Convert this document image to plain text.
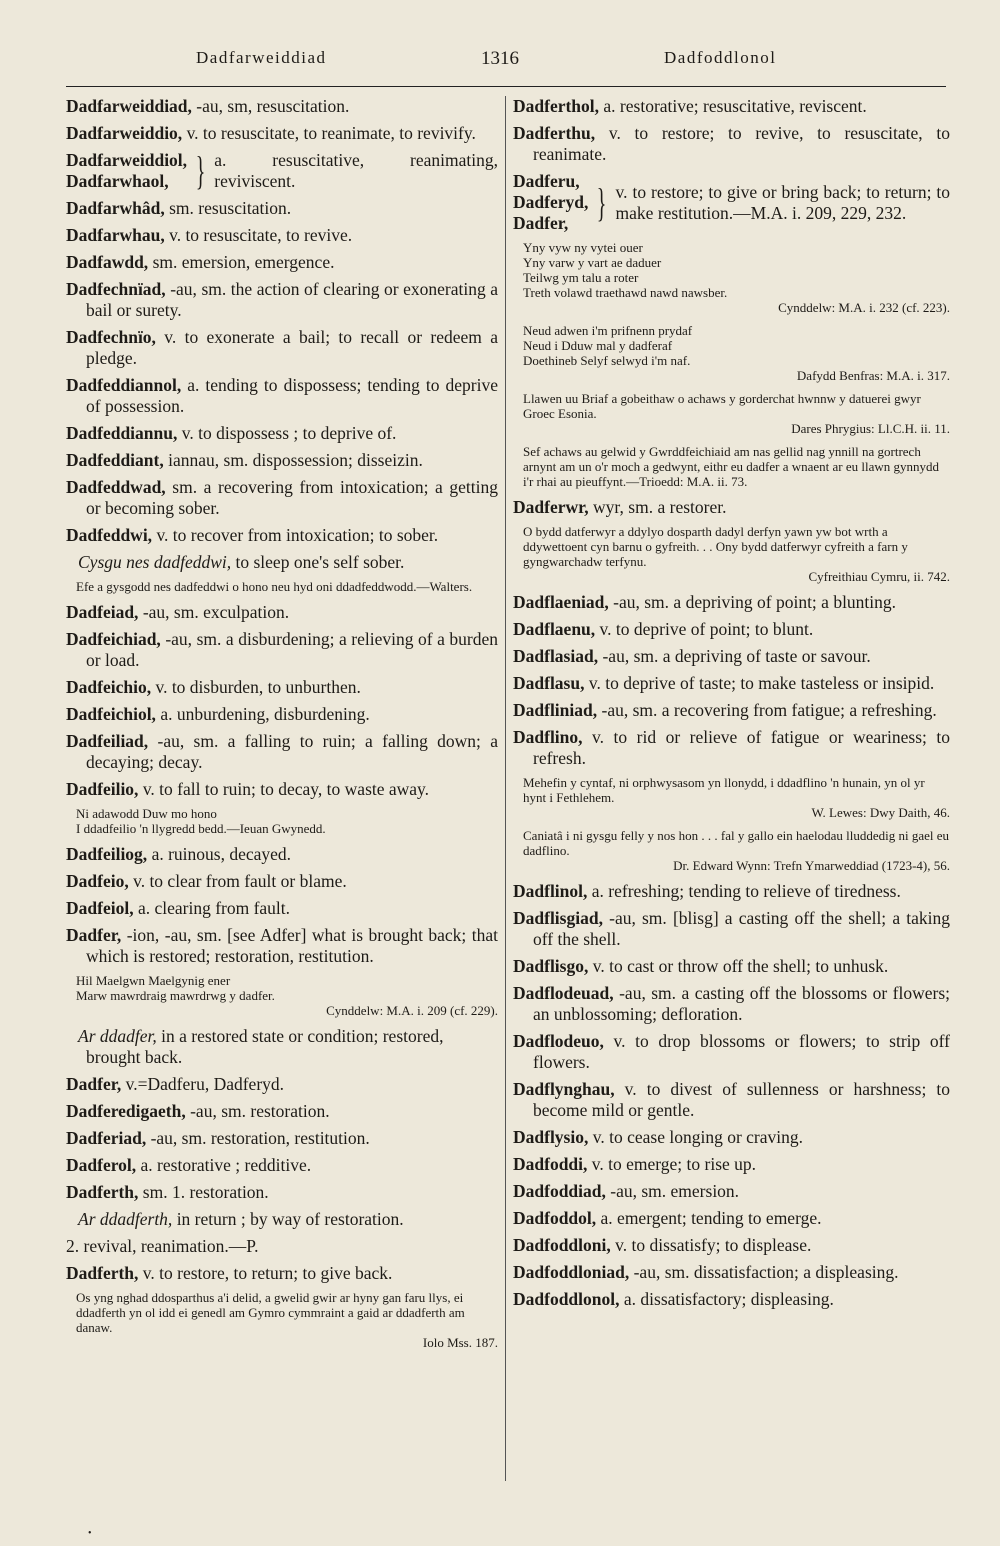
Dadfarweiddiad	1316	Dadfoddlonol

Dadfarweiddiad, -au, sm, resuscitation.

Dadfarweiddio, v. to resuscitate, to reanimate, to revivify.

Dadfarweiddiol,
Dadfarwhaol, } a. resuscitative, reanimating, reviviscent.

Dadfarwhâd, sm. resuscitation.

Dadfarwhau, v. to resuscitate, to revive.

Dadfawdd, sm. emersion, emergence.

Dadfechnïad, -au, sm. the action of clearing or exonerating a bail or surety.

Dadfechnïo, v. to exonerate a bail; to recall or redeem a pledge.

Dadfeddiannol, a. tending to dispossess; tending to deprive of possession.

Dadfeddiannu, v. to dispossess ; to deprive of.

Dadfeddiant, iannau, sm. dispossession; disseizin.

Dadfeddwad, sm. a recovering from intoxication; a getting or becoming sober.

Dadfeddwi, v. to recover from intoxication; to sober.

Cysgu nes dadfeddwi, to sleep one's self sober.

Efe a gysgodd nes dadfeddwi o hono neu hyd oni ddadfeddwodd.—Walters.

Dadfeiad, -au, sm. exculpation.

Dadfeichiad, -au, sm. a disburdening; a relieving of a burden or load.

Dadfeichio, v. to disburden, to unburthen.

Dadfeichiol, a. unburdening, disburdening.

Dadfeiliad, -au, sm. a falling to ruin; a falling down; a decaying; decay.

Dadfeilio, v. to fall to ruin; to decay, to waste away.

Ni adawodd Duw mo hono
I ddadfeilio 'n llygredd bedd.—Ieuan Gwynedd.

Dadfeiliog, a. ruinous, decayed.

Dadfeio, v. to clear from fault or blame.

Dadfeiol, a. clearing from fault.

Dadfer, -ion, -au, sm. [see Adfer] what is brought back; that which is restored; restoration, restitution.

Hil Maelgwn Maelgynig ener
Marw mawrdraig mawrdrwg y dadfer.
Cynddelw: M.A. i. 209 (cf. 229).

Ar ddadfer, in a restored state or condition; restored, brought back.

Dadfer, v.=Dadferu, Dadferyd.

Dadferedigaeth, -au, sm. restoration.

Dadferiad, -au, sm. restoration, restitution.

Dadferol, a. restorative ; redditive.

Dadferth, sm. 1. restoration.

Ar ddadferth, in return ; by way of restoration.

2. revival, reanimation.—P.

Dadferth, v. to restore, to return; to give back.

Os yng nghad ddosparthus a'i delid, a gwelid gwir ar hyny gan faru llys, ei ddadferth yn ol idd ei genedl am Gymro cymmraint a gaid ar ddadferth am danaw.
Iolo Mss. 187.

Dadferthol, a. restorative; resuscitative, reviscent.

Dadferthu, v. to restore; to revive, to resuscitate, to reanimate.

Dadferu,
Dadferyd,
Dadfer, } v. to restore; to give or bring back; to return; to make restitution.—M.A. i. 209, 229, 232.
Yny vyw ny vytei ouer
Yny varw y vart ae daduer
Teilwg ym talu a roter
Treth volawd traethawd nawd nawsber.
Cynddelw: M.A. i. 232 (cf. 223).
Neud adwen i'm prifnenn prydaf
Neud i Dduw mal y dadferaf
Doethineb Selyf selwyd i'm naf.
Dafydd Benfras: M.A. i. 317.
Llawen uu Briaf a gobeithaw o achaws y gorderchat hwnnw y datuerei gwyr Groec Esonia.
Dares Phrygius: Ll.C.H. ii. 11.
Sef achaws au gelwid y Gwrddfeichiaid am nas gellid nag ynnill na gortrech arnynt am un o'r moch a gedwynt, eithr eu dadfer a wnaent ar eu llawn gynnydd i'r rhai au pieuffynt.—Trioedd: M.A. ii. 73.

Dadferwr, wyr, sm. a restorer.

O bydd datferwyr a ddylyo dosparth dadyl derfyn yawn yw bot wrth a ddywettoent cyn barnu o gyfreith. . . Ony bydd datferwyr cyfreith a farn y gyngwarchadw terfynu.
Cyfreithiau Cymru, ii. 742.

Dadflaeniad, -au, sm. a depriving of point; a blunting.

Dadflaenu, v. to deprive of point; to blunt.

Dadflasiad, -au, sm. a depriving of taste or savour.

Dadflasu, v. to deprive of taste; to make tasteless or insipid.

Dadfliniad, -au, sm. a recovering from fatigue; a refreshing.

Dadflino, v. to rid or relieve of fatigue or weariness; to refresh.

Mehefin y cyntaf, ni orphwysasom yn llonydd, i ddadflino 'n hunain, yn ol yr hynt i Fethlehem.
W. Lewes: Dwy Daith, 46.
Caniatâ i ni gysgu felly y nos hon . . . fal y gallo ein haelodau lluddedig ni gael eu dadflino.
Dr. Edward Wynn: Trefn Ymarweddiad (1723-4), 56.

Dadflinol, a. refreshing; tending to relieve of tiredness.

Dadflisgiad, -au, sm. [blisg] a casting off the shell; a taking off the shell.

Dadflisgo, v. to cast or throw off the shell; to unhusk.

Dadflodeuad, -au, sm. a casting off the blossoms or flowers; an unblossoming; defloration.

Dadflodeuo, v. to drop blossoms or flowers; to strip off flowers.

Dadflynghau, v. to divest of sullenness or harshness; to become mild or gentle.

Dadflysio, v. to cease longing or craving.

Dadfoddi, v. to emerge; to rise up.

Dadfoddiad, -au, sm. emersion.

Dadfoddol, a. emergent; tending to emerge.

Dadfoddloni, v. to dissatisfy; to displease.

Dadfoddloniad, -au, sm. dissatisfaction; a displeasing.

Dadfoddlonol, a. dissatisfactory; displeasing.

•
